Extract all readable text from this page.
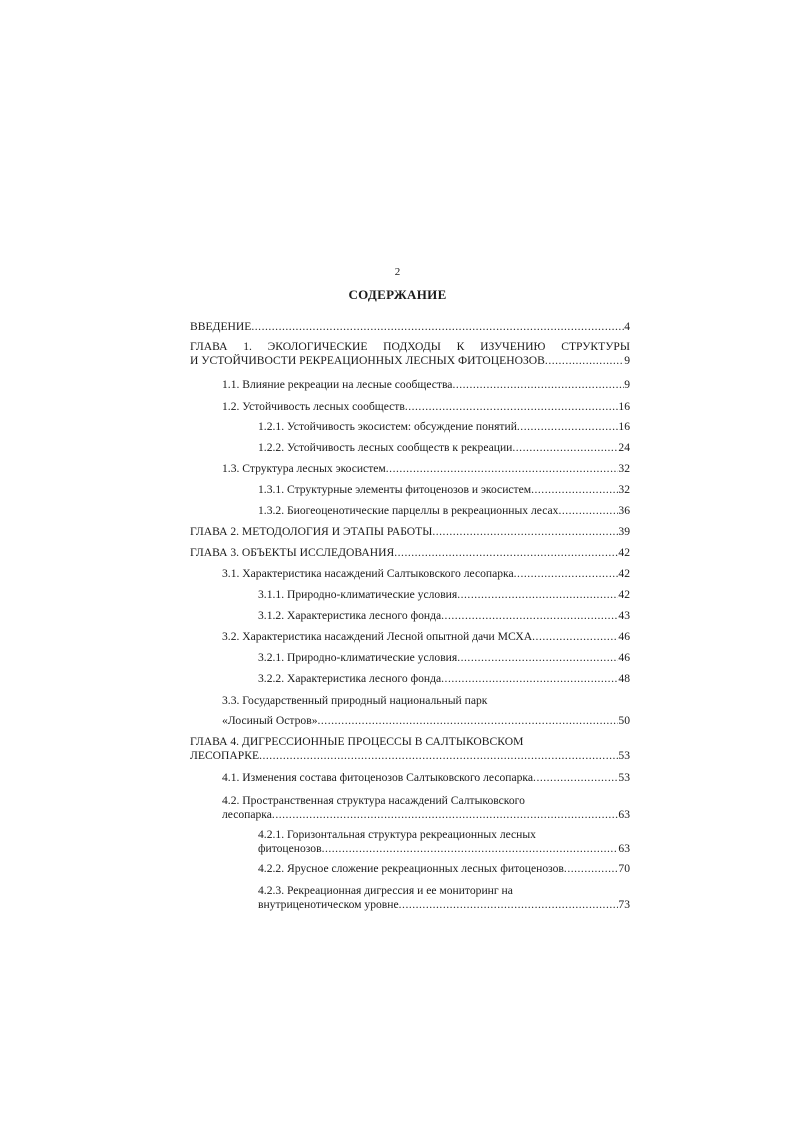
2
СОДЕРЖАНИЕ
ВВЕДЕНИЕ .....	4
ГЛАВА 1. ЭКОЛОГИЧЕСКИЕ ПОДХОДЫ К ИЗУЧЕНИЮ СТРУКТУРЫ
И УСТОЙЧИВОСТИ РЕКРЕАЦИОННЫХ ЛЕСНЫХ ФИТОЦЕНОЗОВ .....	9
1.1. Влияние рекреации на лесные сообщества .....	9
1.2. Устойчивость лесных сообществ .....	16
1.2.1. Устойчивость экосистем: обсуждение понятий .....	16
1.2.2. Устойчивость лесных сообществ к рекреации .....	24
1.3. Структура лесных экосистем .....	32
1.3.1. Структурные элементы фитоценозов и экосистем .....	32
1.3.2. Биогеоценотические парцеллы в рекреационных лесах .....	36
ГЛАВА 2. МЕТОДОЛОГИЯ И ЭТАПЫ РАБОТЫ .....	39
ГЛАВА 3. ОБЪЕКТЫ ИССЛЕДОВАНИЯ .....	42
3.1. Характеристика насаждений Салтыковского лесопарка .....	42
3.1.1. Природно-климатические условия .....	42
3.1.2. Характеристика лесного фонда .....	43
3.2. Характеристика насаждений Лесной опытной дачи МСХА .....	46
3.2.1. Природно-климатические условия .....	46
3.2.2. Характеристика лесного фонда .....	48
3.3. Государственный природный национальный парк
«Лосиный Остров» .....	50
ГЛАВА 4. ДИГРЕССИОННЫЕ ПРОЦЕССЫ В САЛТЫКОВСКОМ
ЛЕСОПАРКЕ .....	53
4.1. Изменения состава фитоценозов Салтыковского лесопарка .....	53
4.2. Пространственная структура насаждений Салтыковского
лесопарка .....	63
4.2.1. Горизонтальная структура рекреационных лесных
фитоценозов .....	63
4.2.2. Ярусное сложение рекреационных лесных фитоценозов .....	70
4.2.3. Рекреационная дигрессия и ее мониторинг на
внутриценотическом уровне .....	73
